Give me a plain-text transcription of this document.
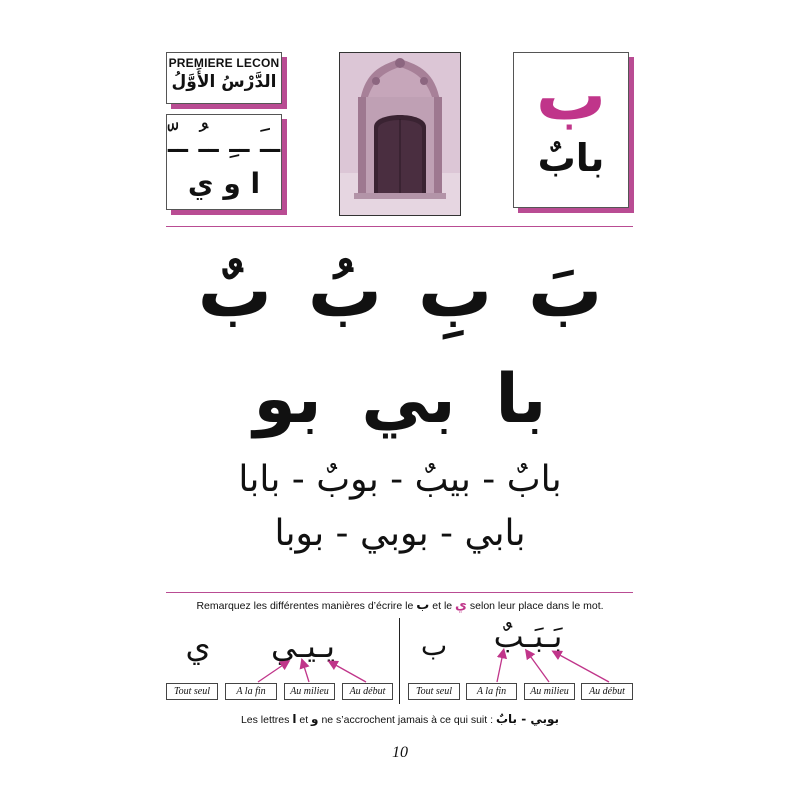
PREMIERE LECON
الدَّرْسُ الأَوَّلُ
ــَ ــِ ــُ ــّ
ا و ي
ب
بابٌ
بَ بِ بُ بٌ
با بي بو
بابٌ - بيبٌ - بوبٌ - بابا
بابي - بوبي - بوبا
Remarquez les différentes manières d’écrire le ب et le ي selon leur place dans le mot.
ي	يـيـي	ب	بَـبَـبٌ
Tout seul	A la fin	Au milieu	Au début	Tout seul	A la fin	Au milieu	Au début
Les lettres ا et و ne s’accrochent jamais à ce qui suit : بوبي - بابٌ
10
